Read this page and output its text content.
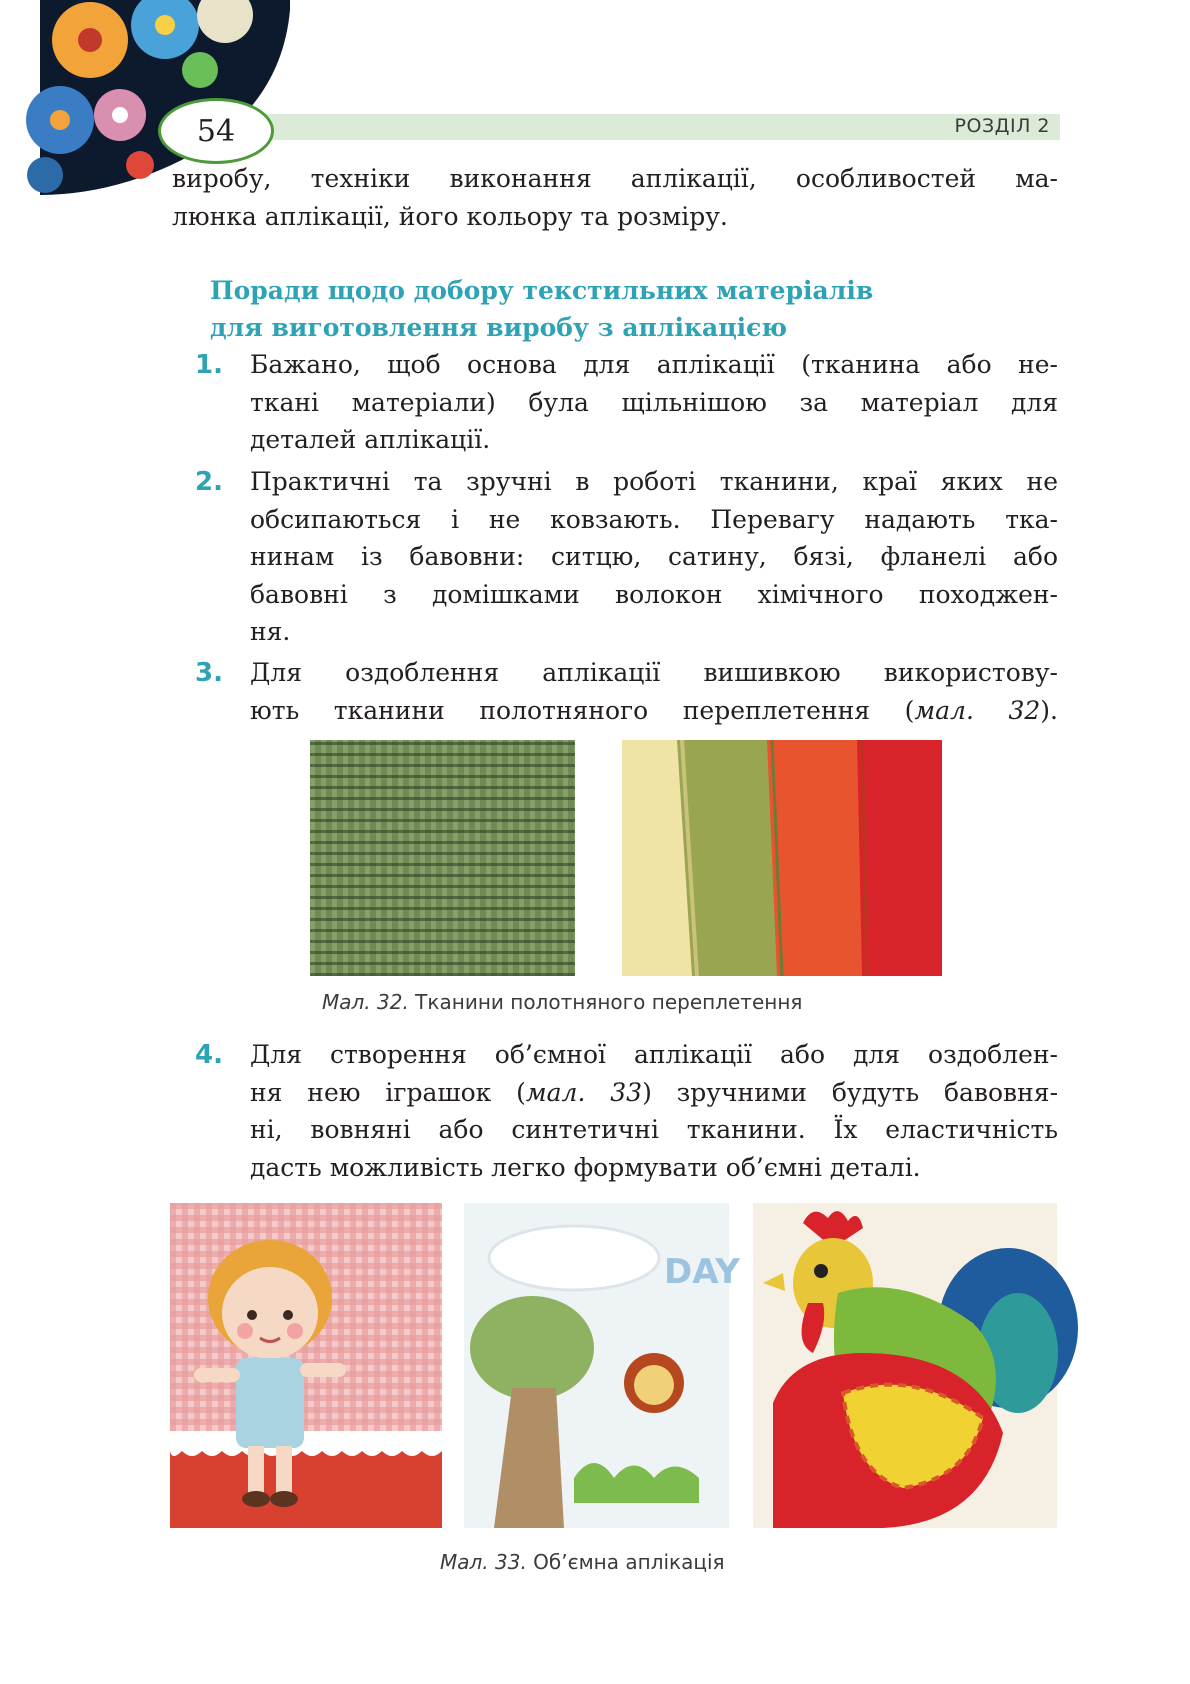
54	РОЗДІЛ 2
виробу, техніки виконання аплікації, особливостей ма-
люнка аплікації, його кольору та розміру.
Поради щодо добору текстильних матеріалів
для виготовлення виробу з аплікацією
1. Бажано, щоб основа для аплікації (тканина або не-
ткані матеріали) була щільнішою за матеріал для
деталей аплікації.
2. Практичні та зручні в роботі тканини, краї яких не
обсипаються і не ковзають. Перевагу надають тка-
нинам із бавовни: ситцю, сатину, бязі, фланелі або
бавовні з домішками волокон хімічного походжен-
ня.
3. Для оздоблення аплікації вишивкою використову-
ють тканини полотняного переплетення (мал. 32).
Мал. 32. Тканини полотняного переплетення
4. Для створення об’ємної аплікації або для оздоблен-
ня нею іграшок (мал. 33) зручними будуть бавовня-
ні, вовняні або синтетичні тканини. Їх еластичність
дасть можливість легко формувати об’ємні деталі.
DAY
Мал. 33. Об’ємна аплікація
